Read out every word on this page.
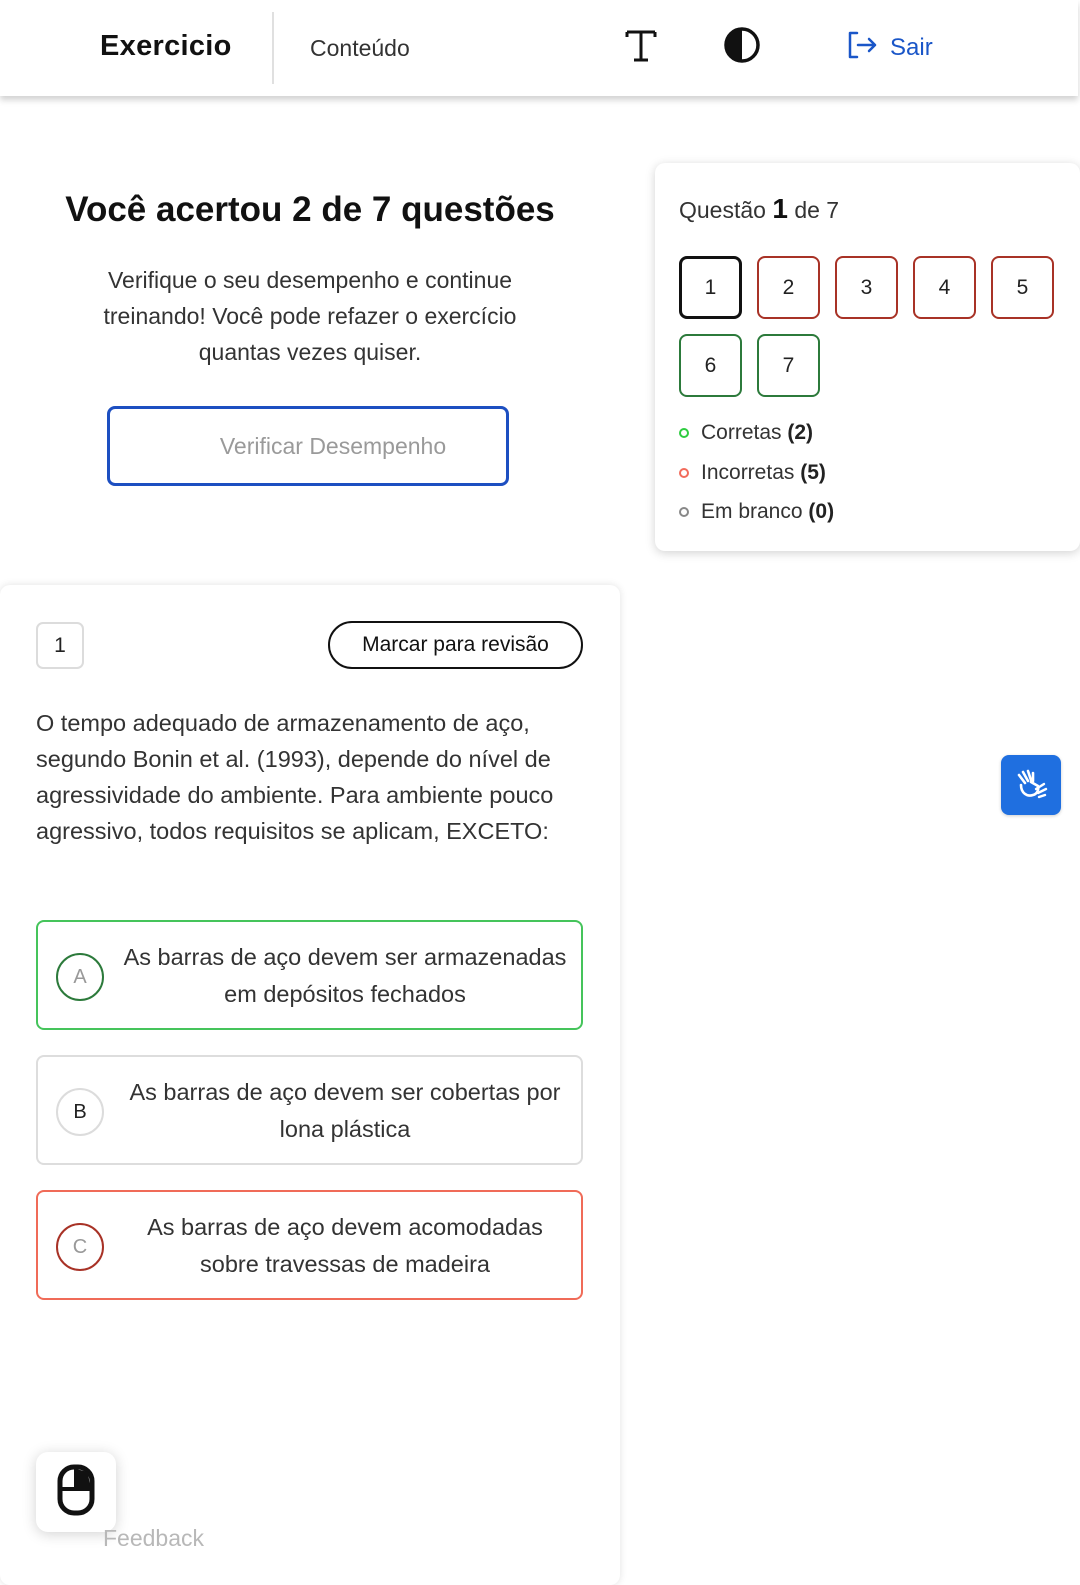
Exercicio	Conteúdo	Sair
Você acertou 2 de 7 questões
Verifique o seu desempenho e continue treinando! Você pode refazer o exercício quantas vezes quiser.
Verificar Desempenho
Questão 1 de 7
1	2	3	4	5
6	7
Corretas (2)
Incorretas (5)
Em branco (0)
1	Marcar para revisão
O tempo adequado de armazenamento de aço, segundo Bonin et al. (1993), depende do nível de agressividade do ambiente. Para ambiente pouco agressivo, todos requisitos se aplicam, EXCETO:
A
As barras de aço devem ser armazenadas em depósitos fechados
B
As barras de aço devem ser cobertas por lona plástica
C
As barras de aço devem acomodadas sobre travessas de madeira
Feedback
